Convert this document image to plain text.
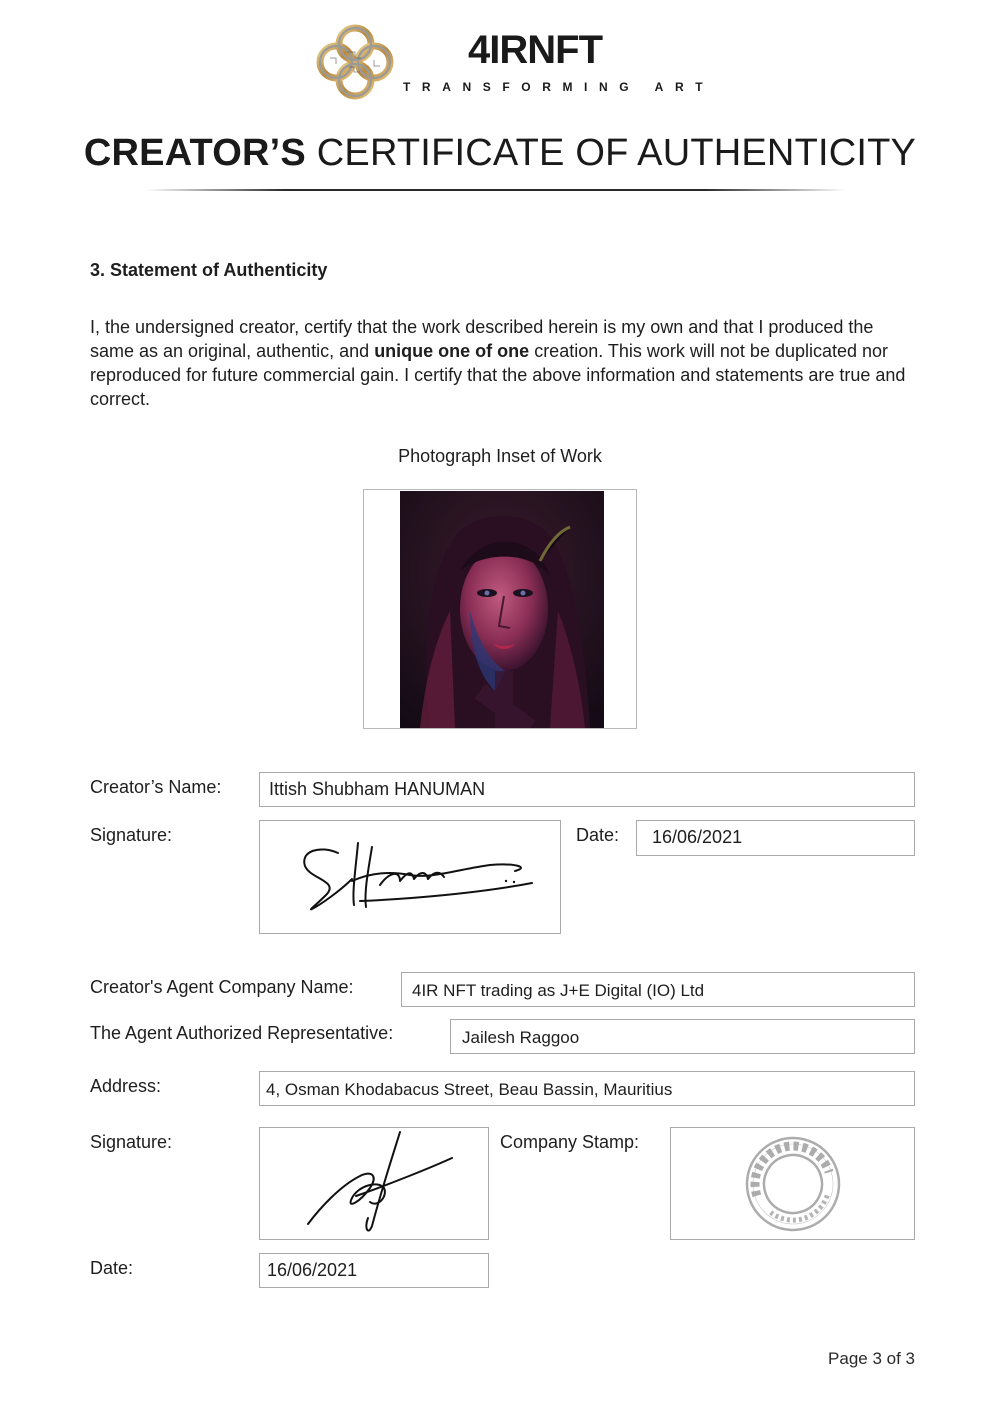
4IRNFT
TRANSFORMING ART
CREATOR’S CERTIFICATE OF AUTHENTICITY
3. Statement of Authenticity
I, the undersigned creator, certify that the work described herein is my own and that I produced the same as an original, authentic, and unique one of one creation. This work will not be duplicated nor reproduced for future commercial gain. I certify that the above information and statements are true and correct.
Photograph Inset of Work
Creator’s Name:	Ittish Shubham HANUMAN
Signature:	Date: 16/06/2021
Creator's Agent Company Name:	4IR NFT trading as J+E Digital (IO) Ltd
The Agent Authorized Representative:	Jailesh Raggoo
Address:	4, Osman Khodabacus Street, Beau Bassin, Mauritius
Signature:	Company Stamp:
Date:	16/06/2021
Page 3 of 3
